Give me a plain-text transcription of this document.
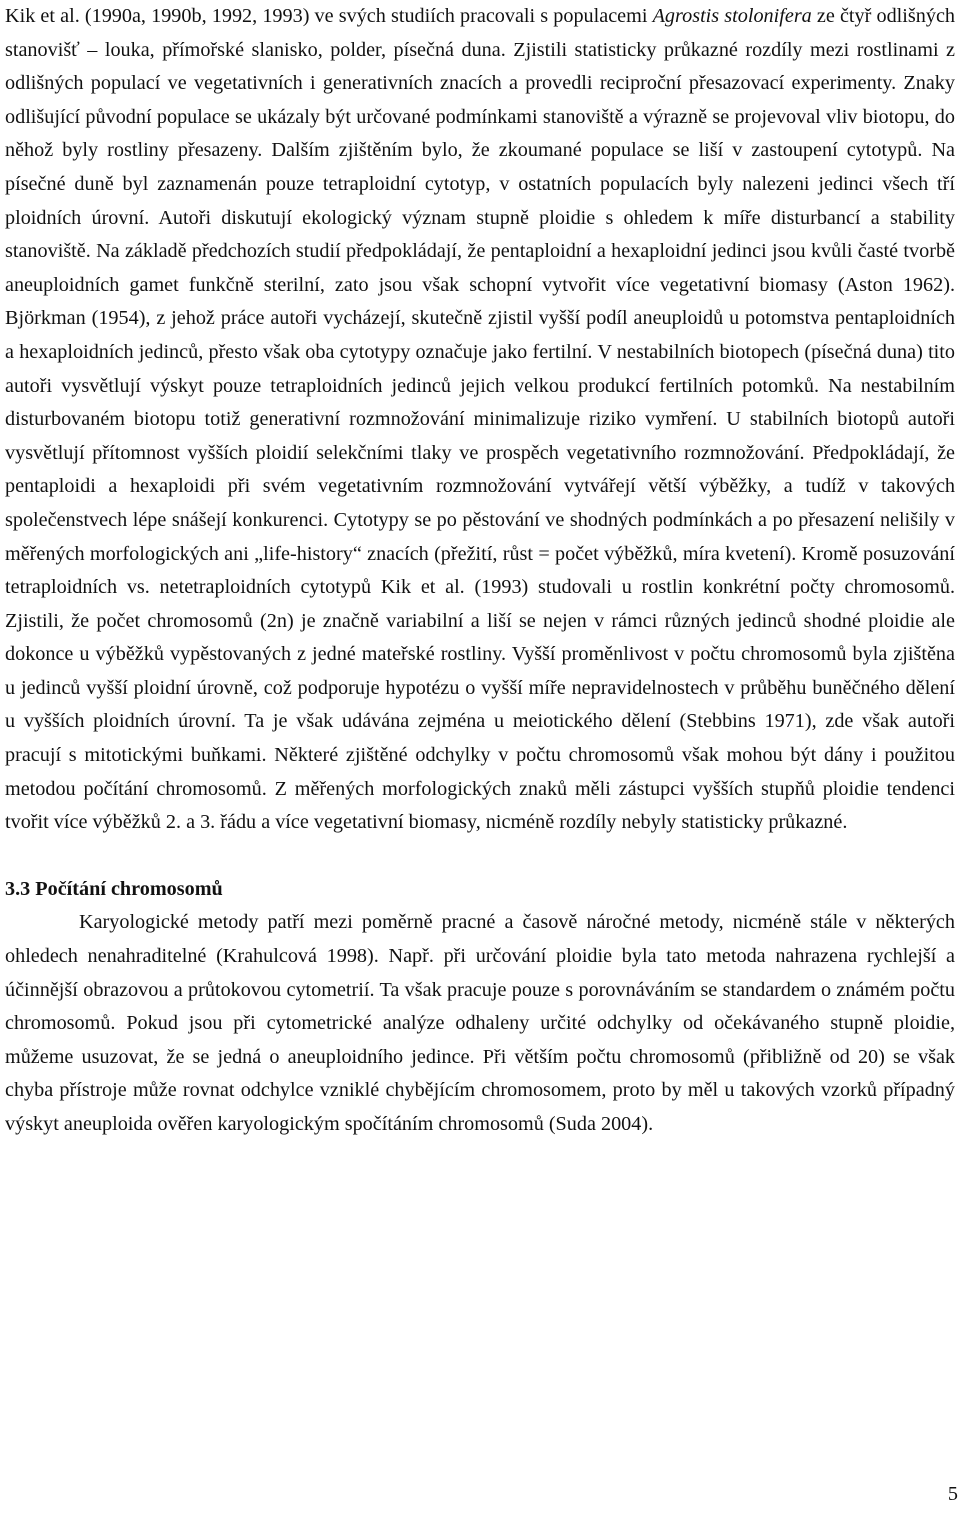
Kik et al. (1990a, 1990b, 1992, 1993) ve svých studiích pracovali s populacemi Agrostis stolonifera ze čtyř odlišných stanovišť – louka, přímořské slanisko, polder, písečná duna. Zjistili statisticky průkazné rozdíly mezi rostlinami z odlišných populací ve vegetativních i generativních znacích a provedli reciproční přesazovací experimenty. Znaky odlišující původní populace se ukázaly být určované podmínkami stanoviště a výrazně se projevoval vliv biotopu, do něhož byly rostliny přesazeny. Dalším zjištěním bylo, že zkoumané populace se liší v zastoupení cytotypů. Na písečné duně byl zaznamenán pouze tetraploidní cytotyp, v ostatních populacích byly nalezeni jedinci všech tří ploidních úrovní. Autoři diskutují ekologický význam stupně ploidie s ohledem k míře disturbancí a stability stanoviště. Na základě předchozích studií předpokládají, že pentaploidní a hexaploidní jedinci jsou kvůli časté tvorbě aneuploidních gamet funkčně sterilní, zato jsou však schopní vytvořit více vegetativní biomasy (Aston 1962). Björkman (1954), z jehož práce autoři vycházejí, skutečně zjistil vyšší podíl aneuploidů u potomstva pentaploidních a hexaploidních jedinců, přesto však oba cytotypy označuje jako fertilní. V nestabilních biotopech (písečná duna) tito autoři vysvětlují výskyt pouze tetraploidních jedinců jejich velkou produkcí fertilních potomků. Na nestabilním disturbovaném biotopu totiž generativní rozmnožování minimalizuje riziko vymření. U stabilních biotopů autoři vysvětlují přítomnost vyšších ploidií selekčními tlaky ve prospěch vegetativního rozmnožování. Předpokládají, že pentaploidi a hexaploidi při svém vegetativním rozmnožování vytvářejí větší výběžky, a tudíž v takových společenstvech lépe snášejí konkurenci. Cytotypy se po pěstování ve shodných podmínkách a po přesazení nelišily v měřených morfologických ani „life-history“ znacích (přežití, růst = počet výběžků, míra kvetení). Kromě posuzování tetraploidních vs. netetraploidních cytotypů Kik et al. (1993) studovali u rostlin konkrétní počty chromosomů. Zjistili, že počet chromosomů (2n) je značně variabilní a liší se nejen v rámci různých jedinců shodné ploidie ale dokonce u výběžků vypěstovaných z jedné mateřské rostliny. Vyšší proměnlivost v počtu chromosomů byla zjištěna u jedinců vyšší ploidní úrovně, což podporuje hypotézu o vyšší míře nepravidelnostech v průběhu buněčného dělení u vyšších ploidních úrovní. Ta je však udávána zejména u meiotického dělení (Stebbins 1971), zde však autoři pracují s mitotickými buňkami. Některé zjištěné odchylky v počtu chromosomů však mohou být dány i použitou metodou počítání chromosomů. Z měřených morfologických znaků měli zástupci vyšších stupňů ploidie tendenci tvořit více výběžků 2. a 3. řádu a více vegetativní biomasy, nicméně rozdíly nebyly statisticky průkazné.

3.3 Počítání chromosomů

Karyologické metody patří mezi poměrně pracné a časově náročné metody, nicméně stále v některých ohledech nenahraditelné (Krahulcová 1998). Např. při určování ploidie byla tato metoda nahrazena rychlejší a účinnější obrazovou a průtokovou cytometrií. Ta však pracuje pouze s porovnáváním se standardem o známém počtu chromosomů. Pokud jsou při cytometrické analýze odhaleny určité odchylky od očekávaného stupně ploidie, můžeme usuzovat, že se jedná o aneuploidního jedince. Při větším počtu chromosomů (přibližně od 20) se však chyba přístroje může rovnat odchylce vzniklé chybějícím chromosomem, proto by měl u takových vzorků případný výskyt aneuploida ověřen karyologickým spočítáním chromosomů (Suda 2004).

5
